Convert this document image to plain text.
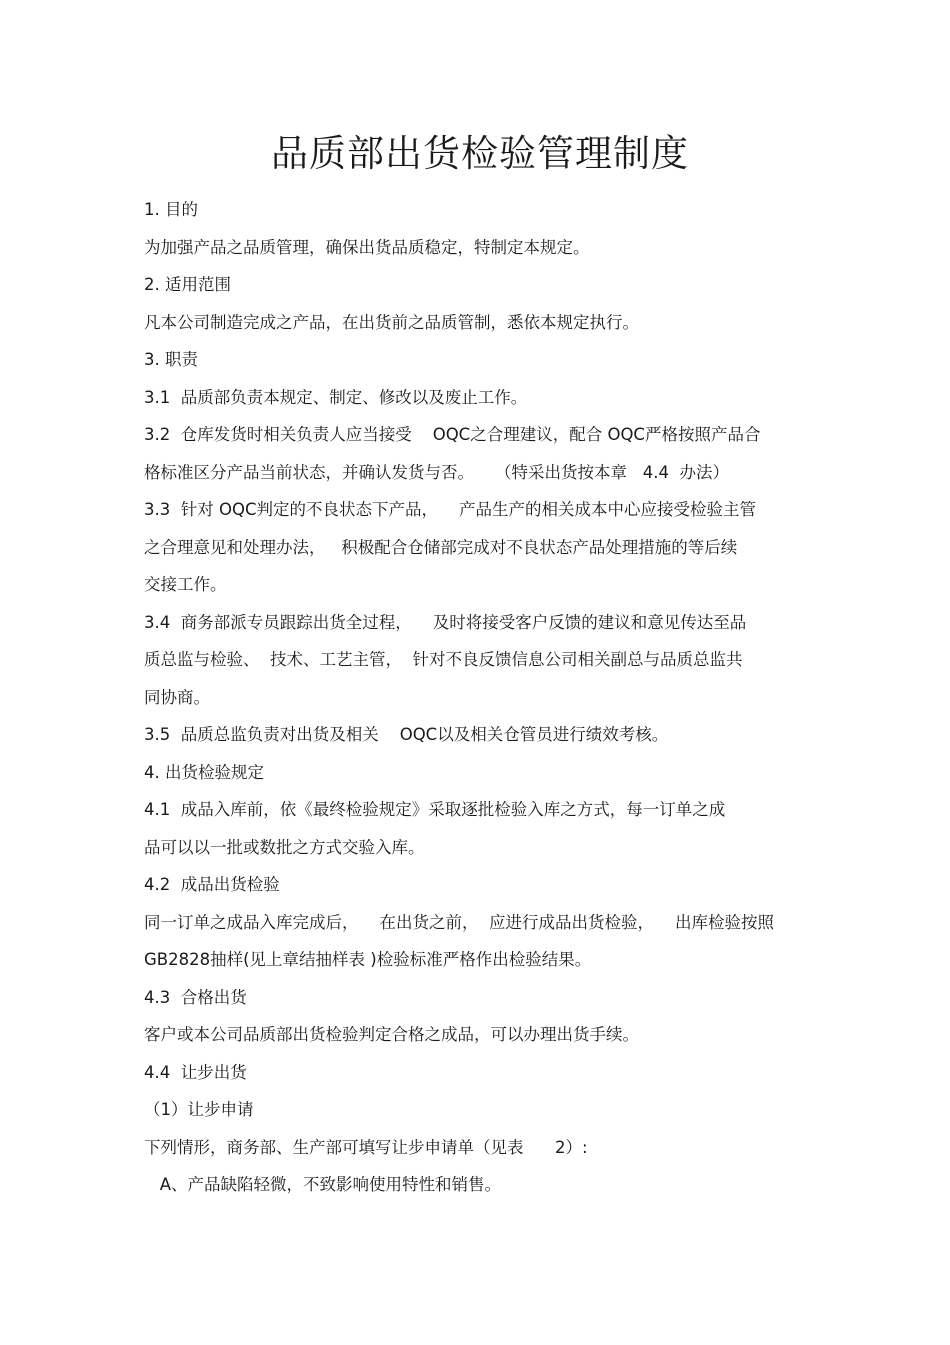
品质部出货检验管理制度

1. 目的

为加强产品之品质管理，确保出货品质稳定，特制定本规定。

2. 适用范围

凡本公司制造完成之产品，在出货前之品质管制，悉依本规定执行。

3. 职责

3.1  品质部负责本规定、制定、修改以及废止工作。

3.2  仓库发货时相关负责人应当接受    OQC之合理建议，配合 OQC严格按照产品合

格标准区分产品当前状态，并确认发货与否。    （特采出货按本章   4.4  办法）

3.3  针对 OQC判定的不良状态下产品，    产品生产的相关成本中心应接受检验主管

之合理意见和处理办法，   积极配合仓储部完成对不良状态产品处理措施的等后续

交接工作。

3.4  商务部派专员跟踪出货全过程，    及时将接受客户反馈的建议和意见传达至品

质总监与检验、  技术、工艺主管，  针对不良反馈信息公司相关副总与品质总监共

同协商。

3.5  品质总监负责对出货及相关    OQC以及相关仓管员进行绩效考核。

4. 出货检验规定

4.1  成品入库前，依《最终检验规定》采取逐批检验入库之方式，每一订单之成

品可以以一批或数批之方式交验入库。

4.2  成品出货检验

同一订单之成品入库完成后，    在出货之前，  应进行成品出货检验，    出库检验按照

GB2828抽样(见上章结抽样表 )检验标准严格作出检验结果。

4.3  合格出货

客户或本公司品质部出货检验判定合格之成品，可以办理出货手续。

4.4  让步出货

（1）让步申请

下列情形，商务部、生产部可填写让步申请单（见表      2）:

A、产品缺陷轻微，不致影响使用特性和销售。
